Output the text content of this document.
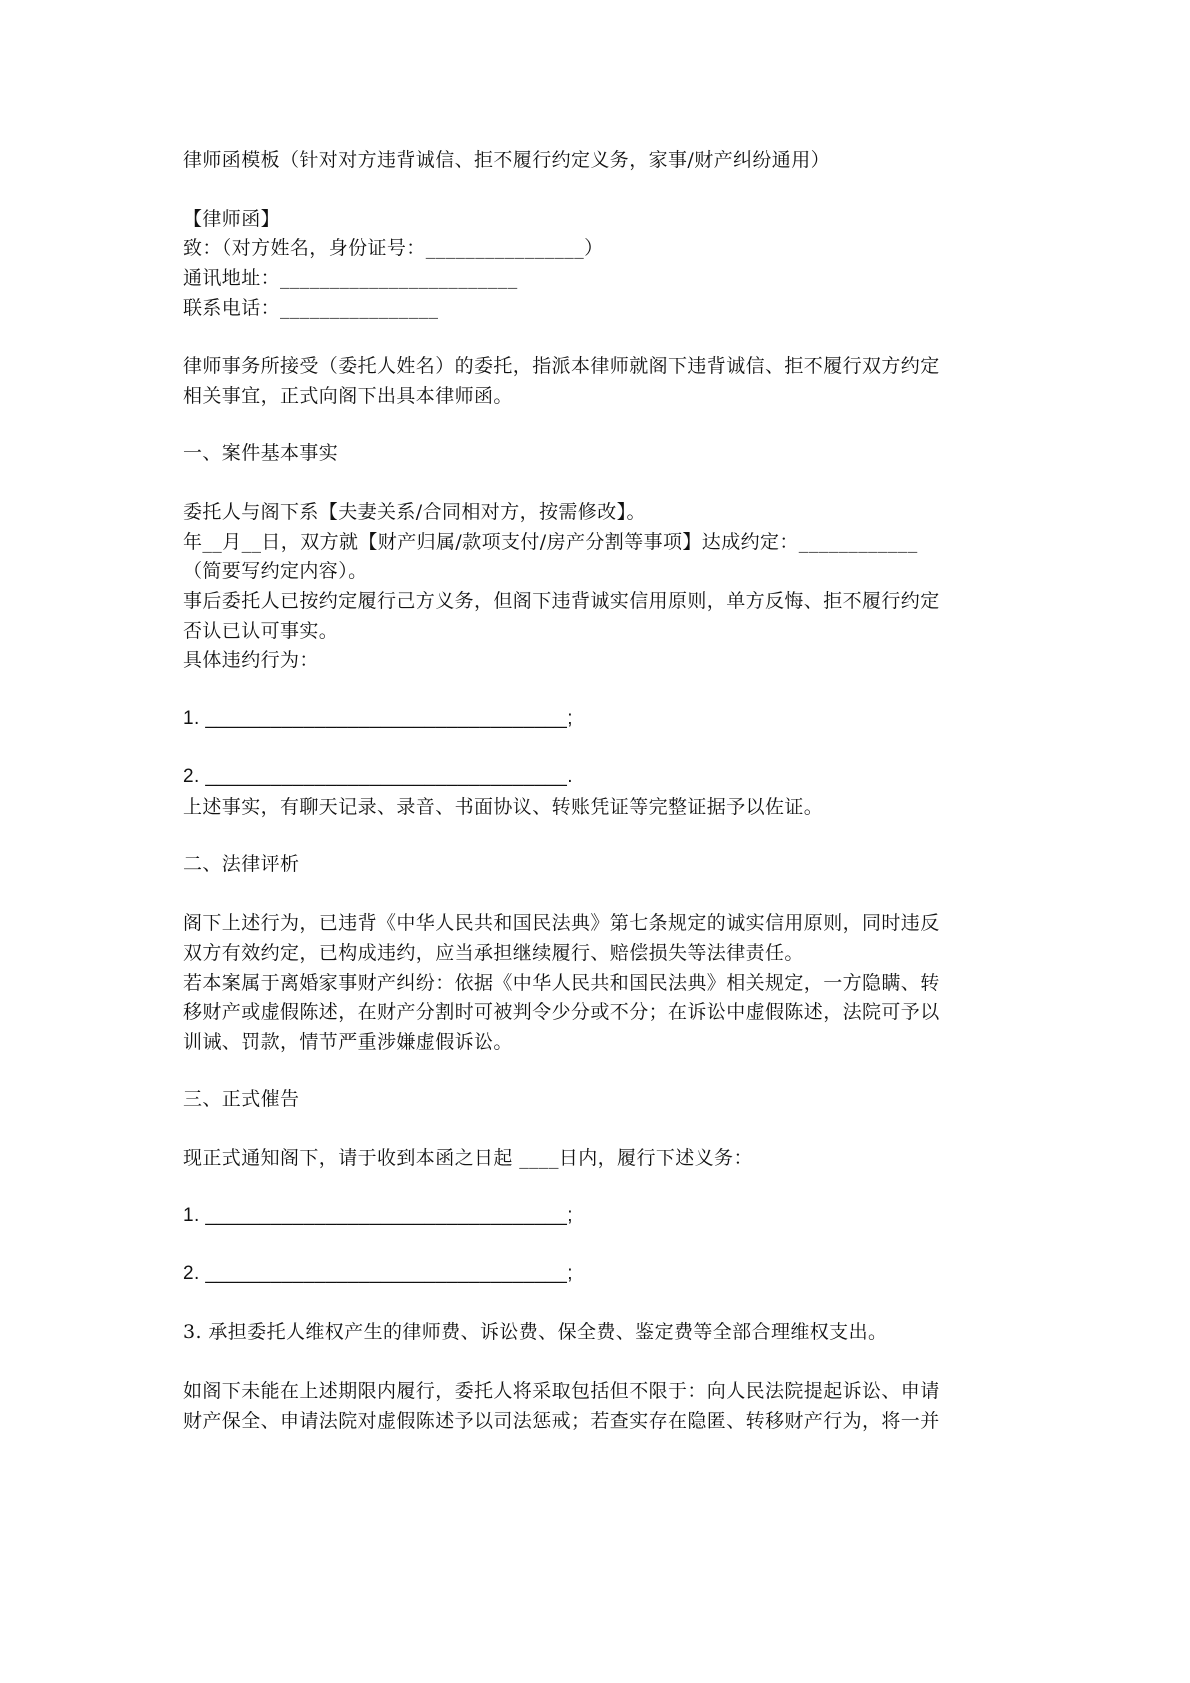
律师函模板（针对对方违背诚信、拒不履行约定义务，家事/财产纠纷通用）
【律师函】
致：（对方姓名，身份证号：________________）
通讯地址：________________________
联系电话：________________
律师事务所接受（委托人姓名）的委托，指派本律师就阁下违背诚信、拒不履行双方约定
相关事宜，正式向阁下出具本律师函。
一、案件基本事实
委托人与阁下系【夫妻关系/合同相对方，按需修改】。
年__月__日，双方就【财产归属/款项支付/房产分割等事项】达成约定：____________
（简要写约定内容）。
事后委托人已按约定履行己方义务，但阁下违背诚实信用原则，单方反悔、拒不履行约定
否认已认可事实。
具体违约行为：
1. _________________________________;
2. _________________________________.
上述事实，有聊天记录、录音、书面协议、转账凭证等完整证据予以佐证。
二、法律评析
阁下上述行为，已违背《中华人民共和国民法典》第七条规定的诚实信用原则，同时违反
双方有效约定，已构成违约，应当承担继续履行、赔偿损失等法律责任。
若本案属于离婚家事财产纠纷：依据《中华人民共和国民法典》相关规定，一方隐瞒、转
移财产或虚假陈述，在财产分割时可被判令少分或不分；在诉讼中虚假陈述，法院可予以
训诫、罚款，情节严重涉嫌虚假诉讼。
三、正式催告
现正式通知阁下，请于收到本函之日起 ____日内，履行下述义务：
1. _________________________________;
2. _________________________________;
3. 承担委托人维权产生的律师费、诉讼费、保全费、鉴定费等全部合理维权支出。
如阁下未能在上述期限内履行，委托人将采取包括但不限于：向人民法院提起诉讼、申请
财产保全、申请法院对虚假陈述予以司法惩戒；若查实存在隐匿、转移财产行为，将一并
